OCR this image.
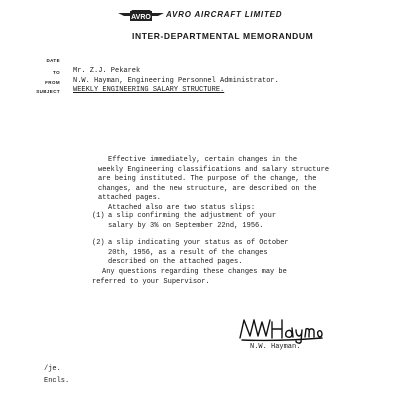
AVRO AVRO AIRCRAFT LIMITED
INTER-DEPARTMENTAL MEMORANDUM
DATE
TO Mr. Z.J. Pekarek
FROM N.W. Hayman, Engineering Personnel Administrator.
SUBJECT WEEKLY ENGINEERING SALARY STRUCTURE.
Effective immediately, certain changes in the
weekly Engineering classifications and salary structure
are being instituted. The purpose of the change, the
changes, and the new structure, are described on the
attached pages.
Attached also are two status slips:
(1) a slip confirming the adjustment of your
salary by 3% on September 22nd, 1956.
(2) a slip indicating your status as of October
20th, 1956, as a result of the changes
described on the attached pages.
Any questions regarding these changes may be
referred to your Supervisor.
N.W. Hayman.
/je.
Encls.
